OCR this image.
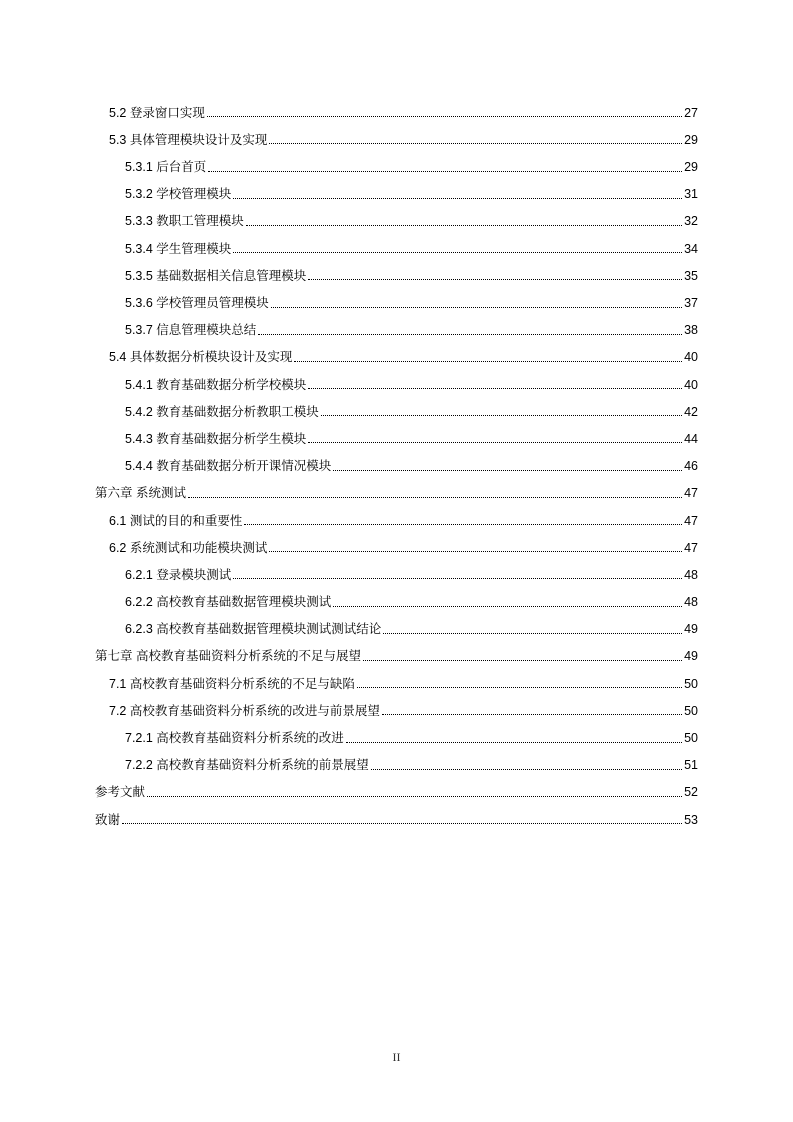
5.2 登录窗口实现	27
5.3 具体管理模块设计及实现	29
5.3.1 后台首页	29
5.3.2 学校管理模块	31
5.3.3 教职工管理模块	32
5.3.4 学生管理模块	34
5.3.5 基础数据相关信息管理模块	35
5.3.6 学校管理员管理模块	37
5.3.7 信息管理模块总结	38
5.4 具体数据分析模块设计及实现	40
5.4.1 教育基础数据分析学校模块	40
5.4.2 教育基础数据分析教职工模块	42
5.4.3 教育基础数据分析学生模块	44
5.4.4 教育基础数据分析开课情况模块	46
第六章 系统测试	47
6.1 测试的目的和重要性	47
6.2 系统测试和功能模块测试	47
6.2.1 登录模块测试	48
6.2.2 高校教育基础数据管理模块测试	48
6.2.3 高校教育基础数据管理模块测试测试结论	49
第七章 高校教育基础资料分析系统的不足与展望	49
7.1 高校教育基础资料分析系统的不足与缺陷	50
7.2 高校教育基础资料分析系统的改进与前景展望	50
7.2.1 高校教育基础资料分析系统的改进	50
7.2.2 高校教育基础资料分析系统的前景展望	51
参考文献	52
致谢	53
II
